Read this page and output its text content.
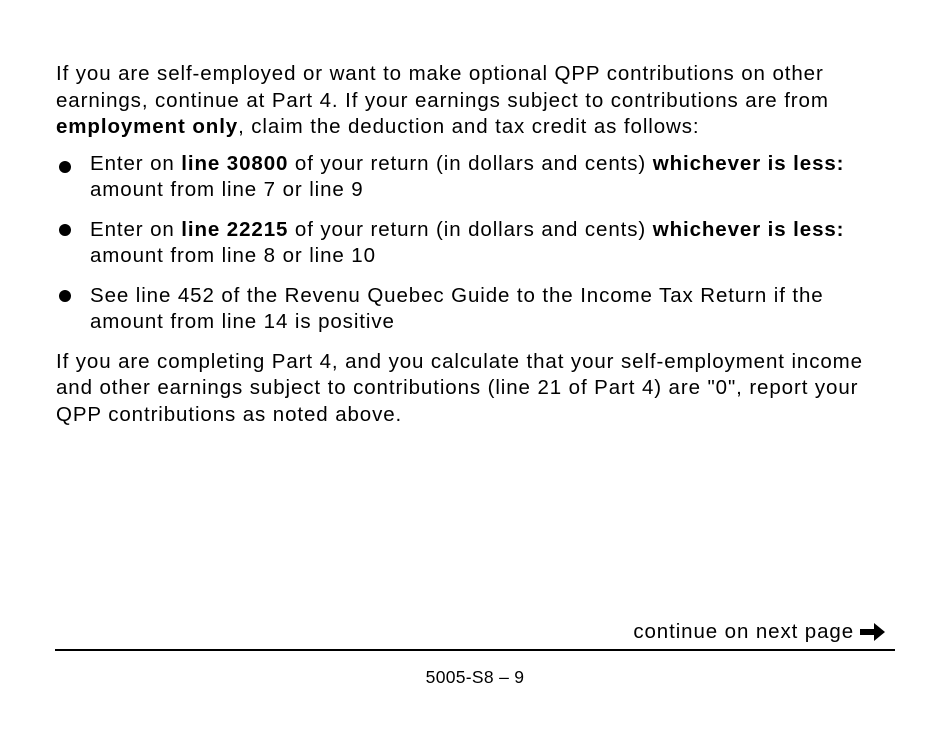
If you are self-employed or want to make optional QPP contributions on other earnings, continue at Part 4. If your earnings subject to contributions are from employment only, claim the deduction and tax credit as follows:

Enter on line 30800 of your return (in dollars and cents) whichever is less: amount from line 7 or line 9
Enter on line 22215 of your return (in dollars and cents) whichever is less: amount from line 8 or line 10
See line 452 of the Revenu Quebec Guide to the Income Tax Return if the amount from line 14 is positive

If you are completing Part 4, and you calculate that your self-employment income and other earnings subject to contributions (line 21 of Part 4) are "0", report your QPP contributions as noted above.

continue on next page
5005-S8 – 9
